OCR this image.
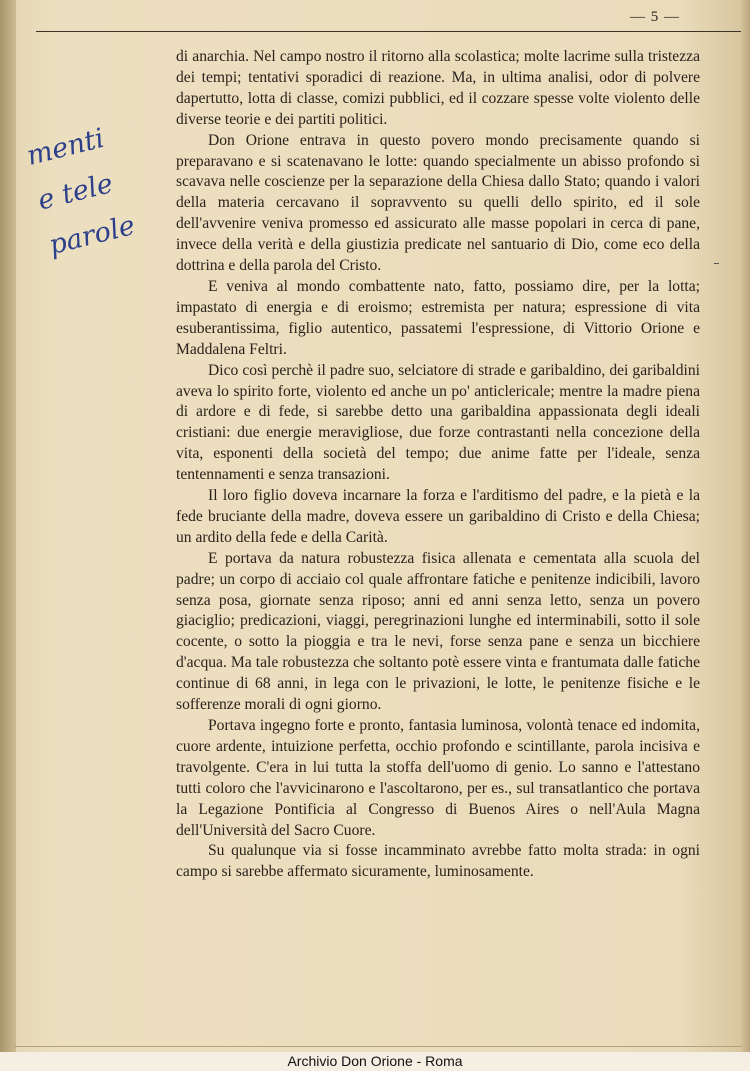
— 5 —
menti
e tele
parole

di anarchia. Nel campo nostro il ritorno alla scolastica; molte lacrime sulla tristezza dei tempi; tentativi sporadici di reazione. Ma, in ultima analisi, odor di polvere dapertutto, lotta di classe, comizi pubblici, ed il cozzare spesse volte violento delle diverse teorie e dei partiti politici.

Don Orione entrava in questo povero mondo precisamente quando si preparavano e si scatenavano le lotte: quando specialmente un abisso profondo si scavava nelle coscienze per la separazione della Chiesa dallo Stato; quando i valori della materia cercavano il sopravvento su quelli dello spirito, ed il sole dell'avvenire veniva promesso ed assicurato alle masse popolari in cerca di pane, invece della verità e della giustizia predicate nel santuario di Dio, come eco della dottrina e della parola del Cristo.

E veniva al mondo combattente nato, fatto, possiamo dire, per la lotta; impastato di energia e di eroismo; estremista per natura; espressione di vita esuberantissima, figlio autentico, passatemi l'espressione, di Vittorio Orione e Maddalena Feltri.

Dico così perchè il padre suo, selciatore di strade e garibaldino, dei garibaldini aveva lo spirito forte, violento ed anche un po' anticlericale; mentre la madre piena di ardore e di fede, si sarebbe detto una garibaldina appassionata degli ideali cristiani: due energie meravigliose, due forze contrastanti nella concezione della vita, esponenti della società del tempo; due anime fatte per l'ideale, senza tentennamenti e senza transazioni.

Il loro figlio doveva incarnare la forza e l'arditismo del padre, e la pietà e la fede bruciante della madre, doveva essere un garibaldino di Cristo e della Chiesa; un ardito della fede e della Carità.

E portava da natura robustezza fisica allenata e cementata alla scuola del padre; un corpo di acciaio col quale affrontare fatiche e penitenze indicibili, lavoro senza posa, giornate senza riposo; anni ed anni senza letto, senza un povero giaciglio; predicazioni, viaggi, peregrinazioni lunghe ed interminabili, sotto il sole cocente, o sotto la pioggia e tra le nevi, forse senza pane e senza un bicchiere d'acqua. Ma tale robustezza che soltanto potè essere vinta e frantumata dalle fatiche continue di 68 anni, in lega con le privazioni, le lotte, le penitenze fisiche e le sofferenze morali di ogni giorno.

Portava ingegno forte e pronto, fantasia luminosa, volontà tenace ed indomita, cuore ardente, intuizione perfetta, occhio profondo e scintillante, parola incisiva e travolgente. C'era in lui tutta la stoffa dell'uomo di genio. Lo sanno e l'attestano tutti coloro che l'avvicinarono e l'ascoltarono, per es., sul transatlantico che portava la Legazione Pontificia al Congresso di Buenos Aires o nell'Aula Magna dell'Università del Sacro Cuore.

Su qualunque via si fosse incamminato avrebbe fatto molta strada: in ogni campo si sarebbe affermato sicuramente, luminosamente.

Archivio Don Orione - Roma
